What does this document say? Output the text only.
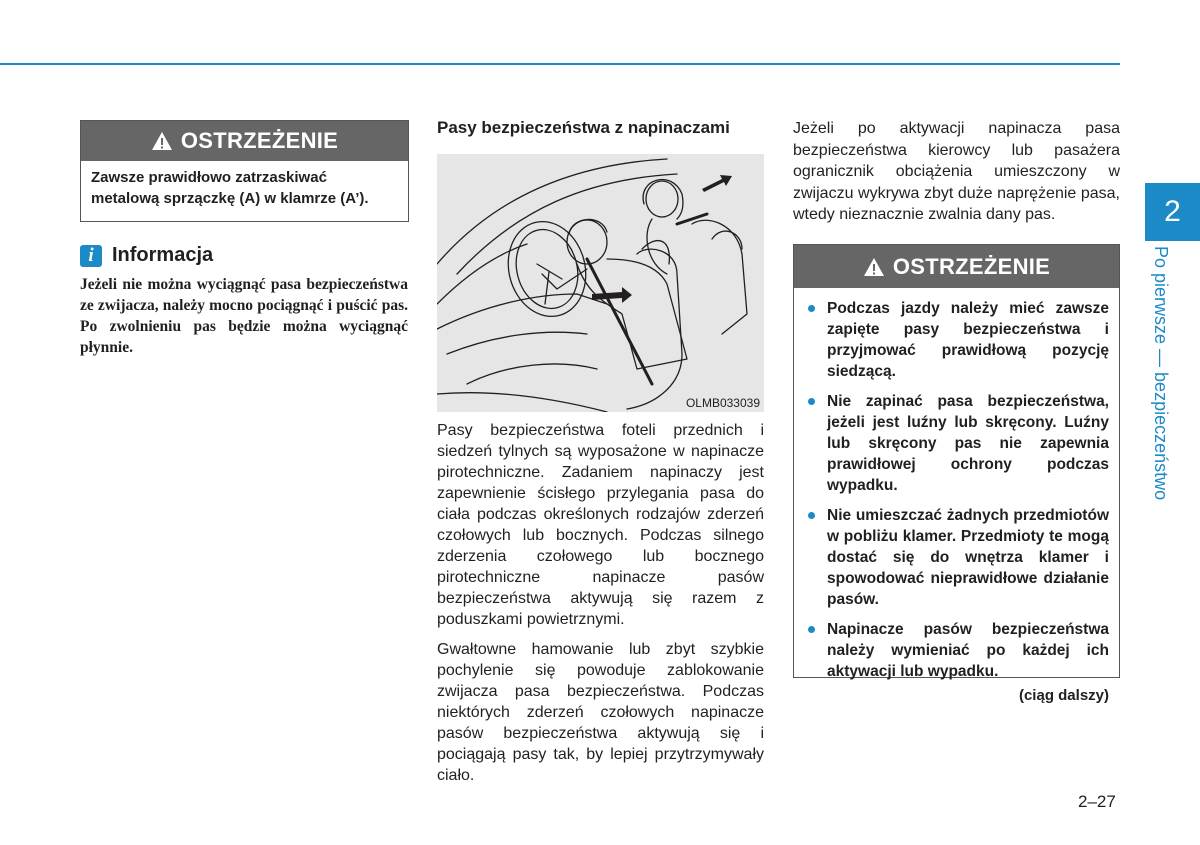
OSTRZEŻENIE
Zawsze prawidłowo zatrzaskiwać metalową sprzączkę (A) w klamrze (A’).
i Informacja
Jeżeli nie można wyciągnąć pasa bezpieczeństwa ze zwijacza, należy mocno pociągnąć i puścić pas. Po zwolnieniu pas będzie można wyciągnąć płynnie.
Pasy bezpieczeństwa z napinaczami
OLMB033039

Pasy bezpieczeństwa foteli przednich i siedzeń tylnych są wyposażone w napinacze pirotechniczne. Zadaniem napinaczy jest zapewnienie ścisłego przylegania pasa do ciała podczas określonych rodzajów zderzeń czołowych lub bocznych. Podczas silnego zderzenia czołowego lub bocznego pirotechniczne napinacze pasów bezpieczeństwa aktywują się razem z poduszkami powietrznymi.

Gwałtowne hamowanie lub zbyt szybkie pochylenie się powoduje zablokowanie zwijacza pasa bezpieczeństwa. Podczas niektórych zderzeń czołowych napinacze pasów bezpieczeństwa aktywują się i pociągają pasy tak, by lepiej przytrzymywały ciało.

Jeżeli po aktywacji napinacza pasa bezpieczeństwa kierowcy lub pasażera ogranicznik obciążenia umieszczony w zwijaczu wykrywa zbyt duże naprężenie pasa, wtedy nieznacznie zwalnia dany pas.
OSTRZEŻENIE
Podczas jazdy należy mieć zawsze zapięte pasy bezpieczeństwa i przyjmować prawidłową pozycję siedzącą.
Nie zapinać pasa bezpieczeństwa, jeżeli jest luźny lub skręcony. Luźny lub skręcony pas nie zapewnia prawidłowej ochrony podczas wypadku.
Nie umieszczać żadnych przedmiotów w pobliżu klamer. Przedmioty te mogą dostać się do wnętrza klamer i spowodować nieprawidłowe działanie pasów.
Napinacze pasów bezpieczeństwa należy wymieniać po każdej ich aktywacji lub wypadku.
(ciąg dalszy)
2
Po pierwsze — bezpieczeństwo
2–27
